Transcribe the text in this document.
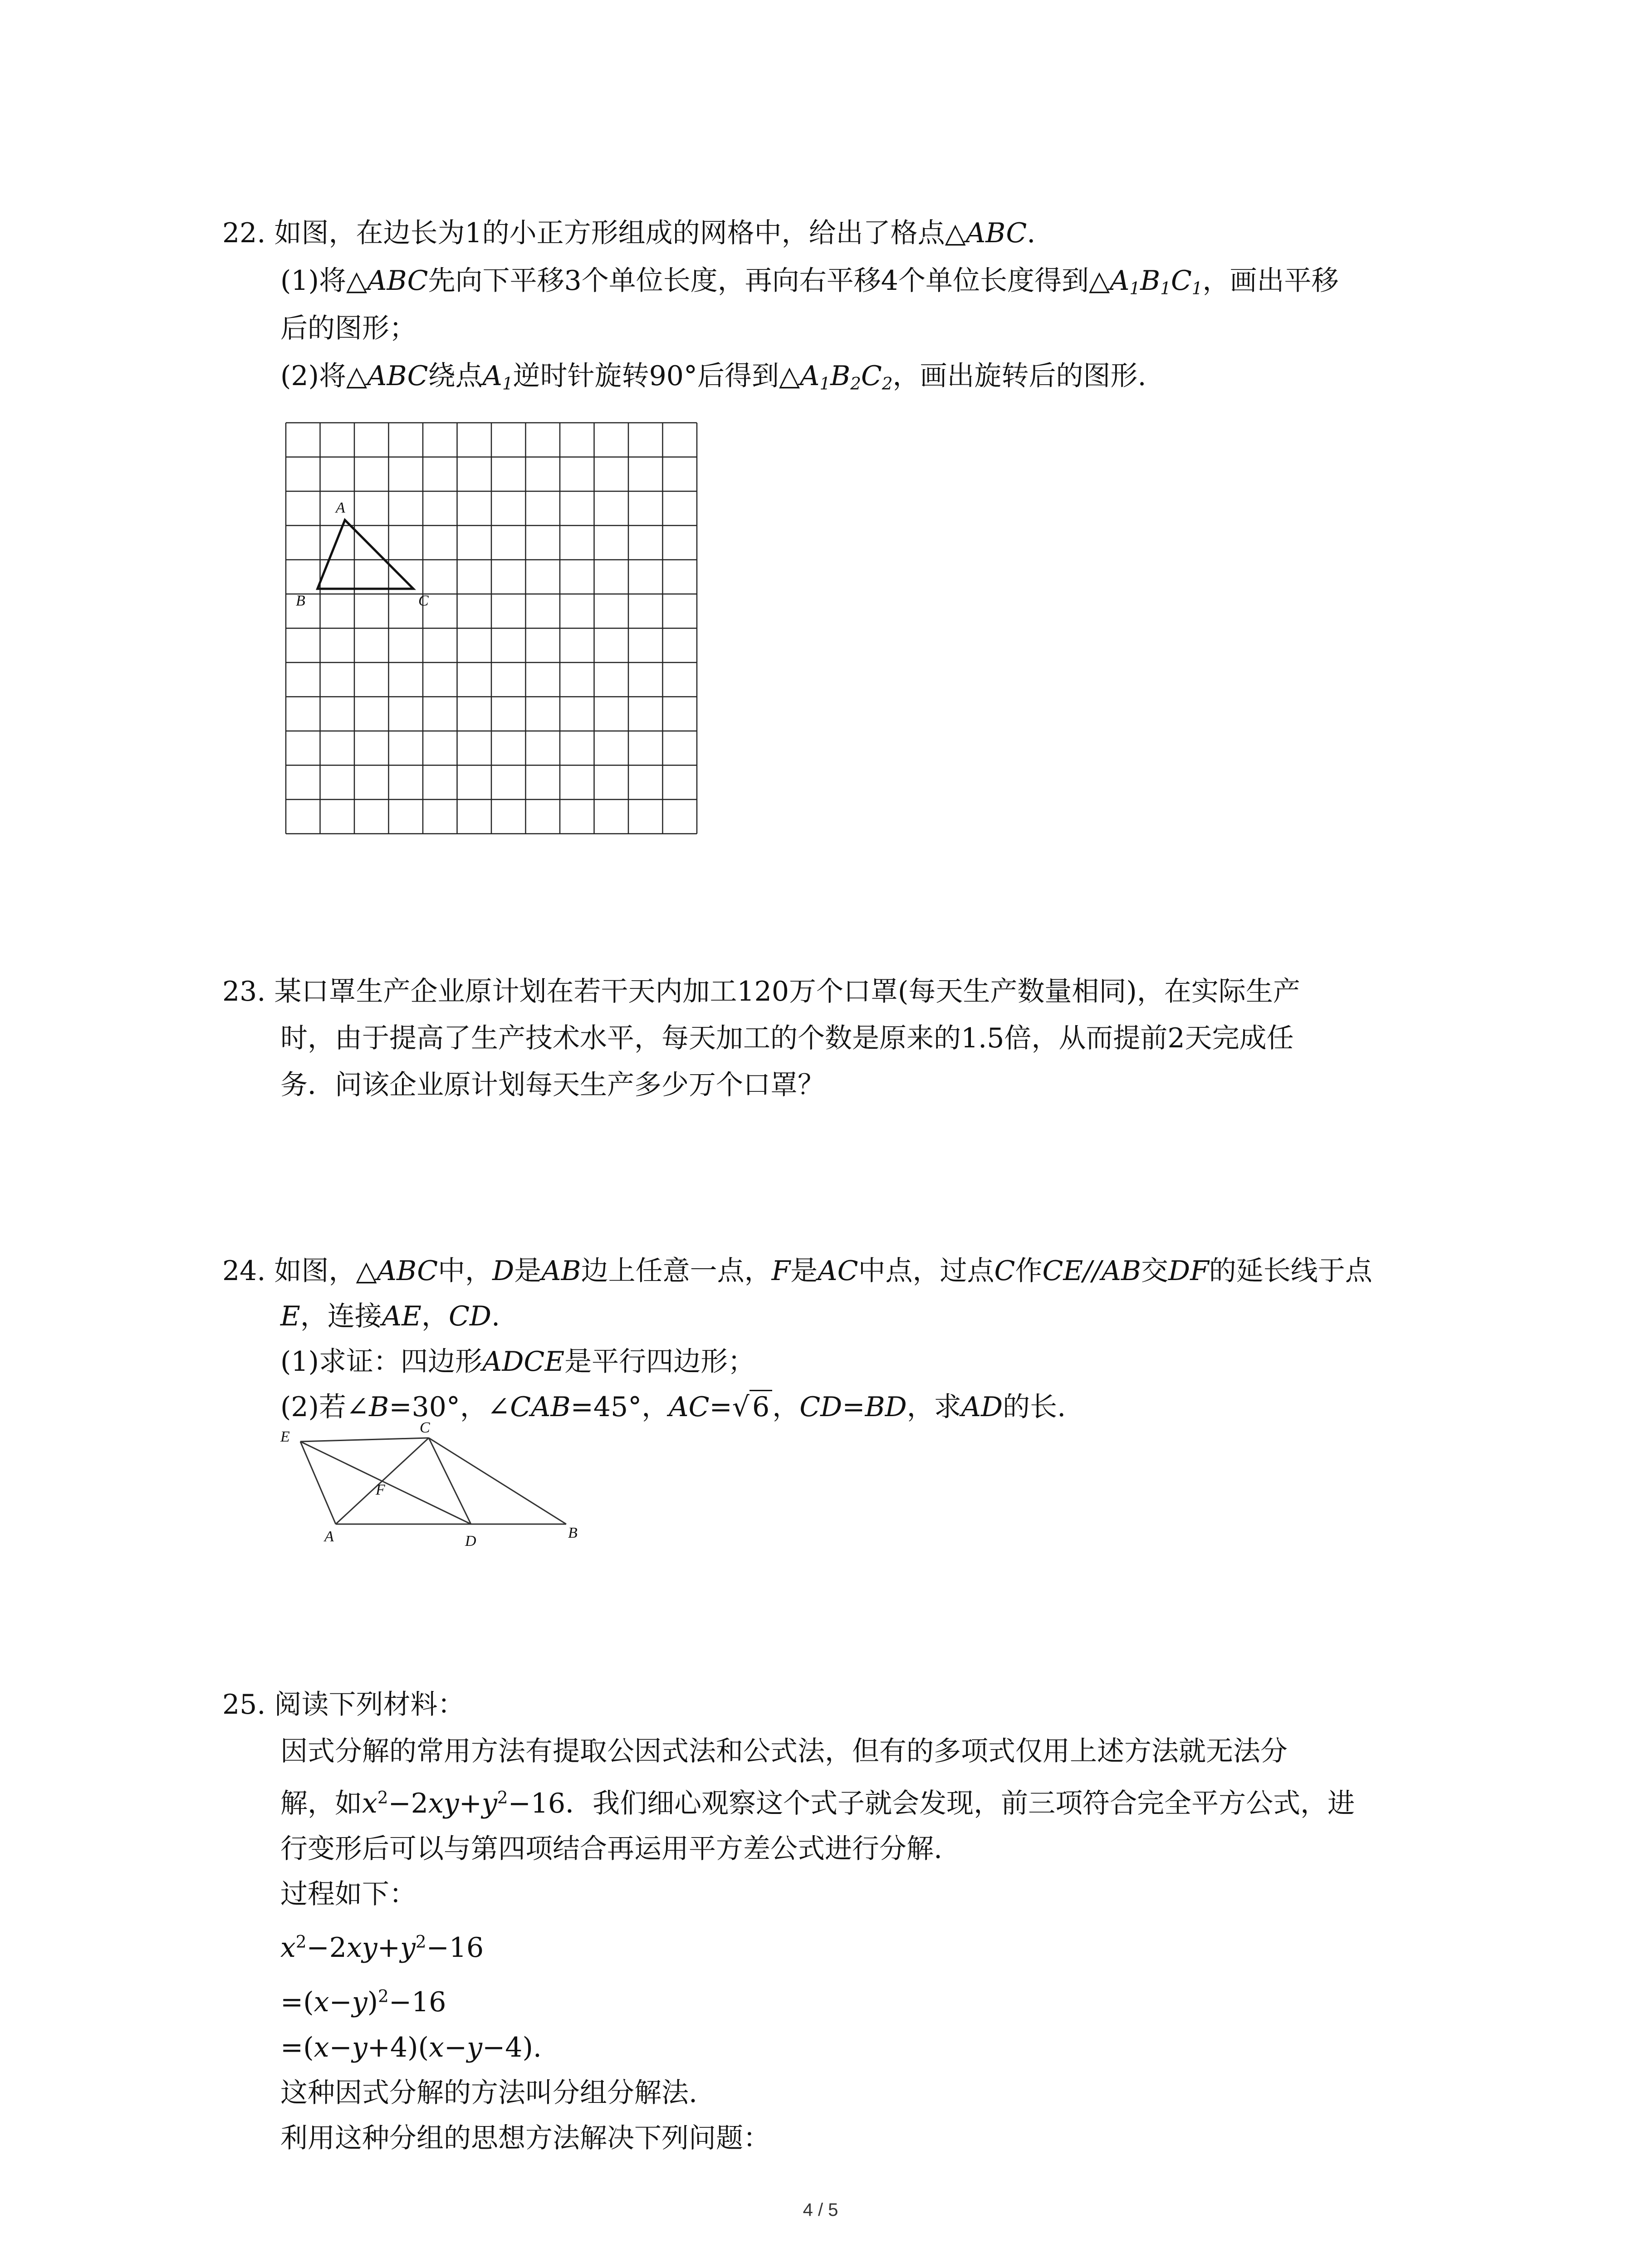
22. 如图，在边长为1的小正方形组成的网格中，给出了格点△ABC.
(1)将△ABC先向下平移3个单位长度，再向右平移4个单位长度得到$\triangle A_1B_1C_1$，画出平移
后的图形；
(2)将△ABC绕点$A_1$逆时针旋转90°后得到$\triangle A_1B_2C_2$，画出旋转后的图形.
A
B	C
23. 某口罩生产企业原计划在若干天内加工120万个口罩(每天生产数量相同)，在实际生产
时，由于提高了生产技术水平，每天加工的个数是原来的1.5倍，从而提前2天完成任
务．问该企业原计划每天生产多少万个口罩？
24. 如图，△ABC中，D是AB边上任意一点，F是AC中点，过点C作CE//AB交DF的延长线于点
E，连接AE，CD.
(1)求证：四边形ADCE是平行四边形；
(2)若∠B=30°，∠CAB=45°，AC=√ 6 ，CD=BD，求AD的长.
E
C
F
A	D	B
25. 阅读下列材料：
因式分解的常用方法有提取公因式法和公式法，但有的多项式仅用上述方法就无法分
解，如$x^2-2xy+y^2-16$．我们细心观察这个式子就会发现，前三项符合完全平方公式，进
行变形后可以与第四项结合再运用平方差公式进行分解.
过程如下：
$x^2-2xy+y^2-16$
$=(x-y)^2-16$
=(x−y+4)(x−y−4).
这种因式分解的方法叫分组分解法.
利用这种分组的思想方法解决下列问题：
4 / 5
